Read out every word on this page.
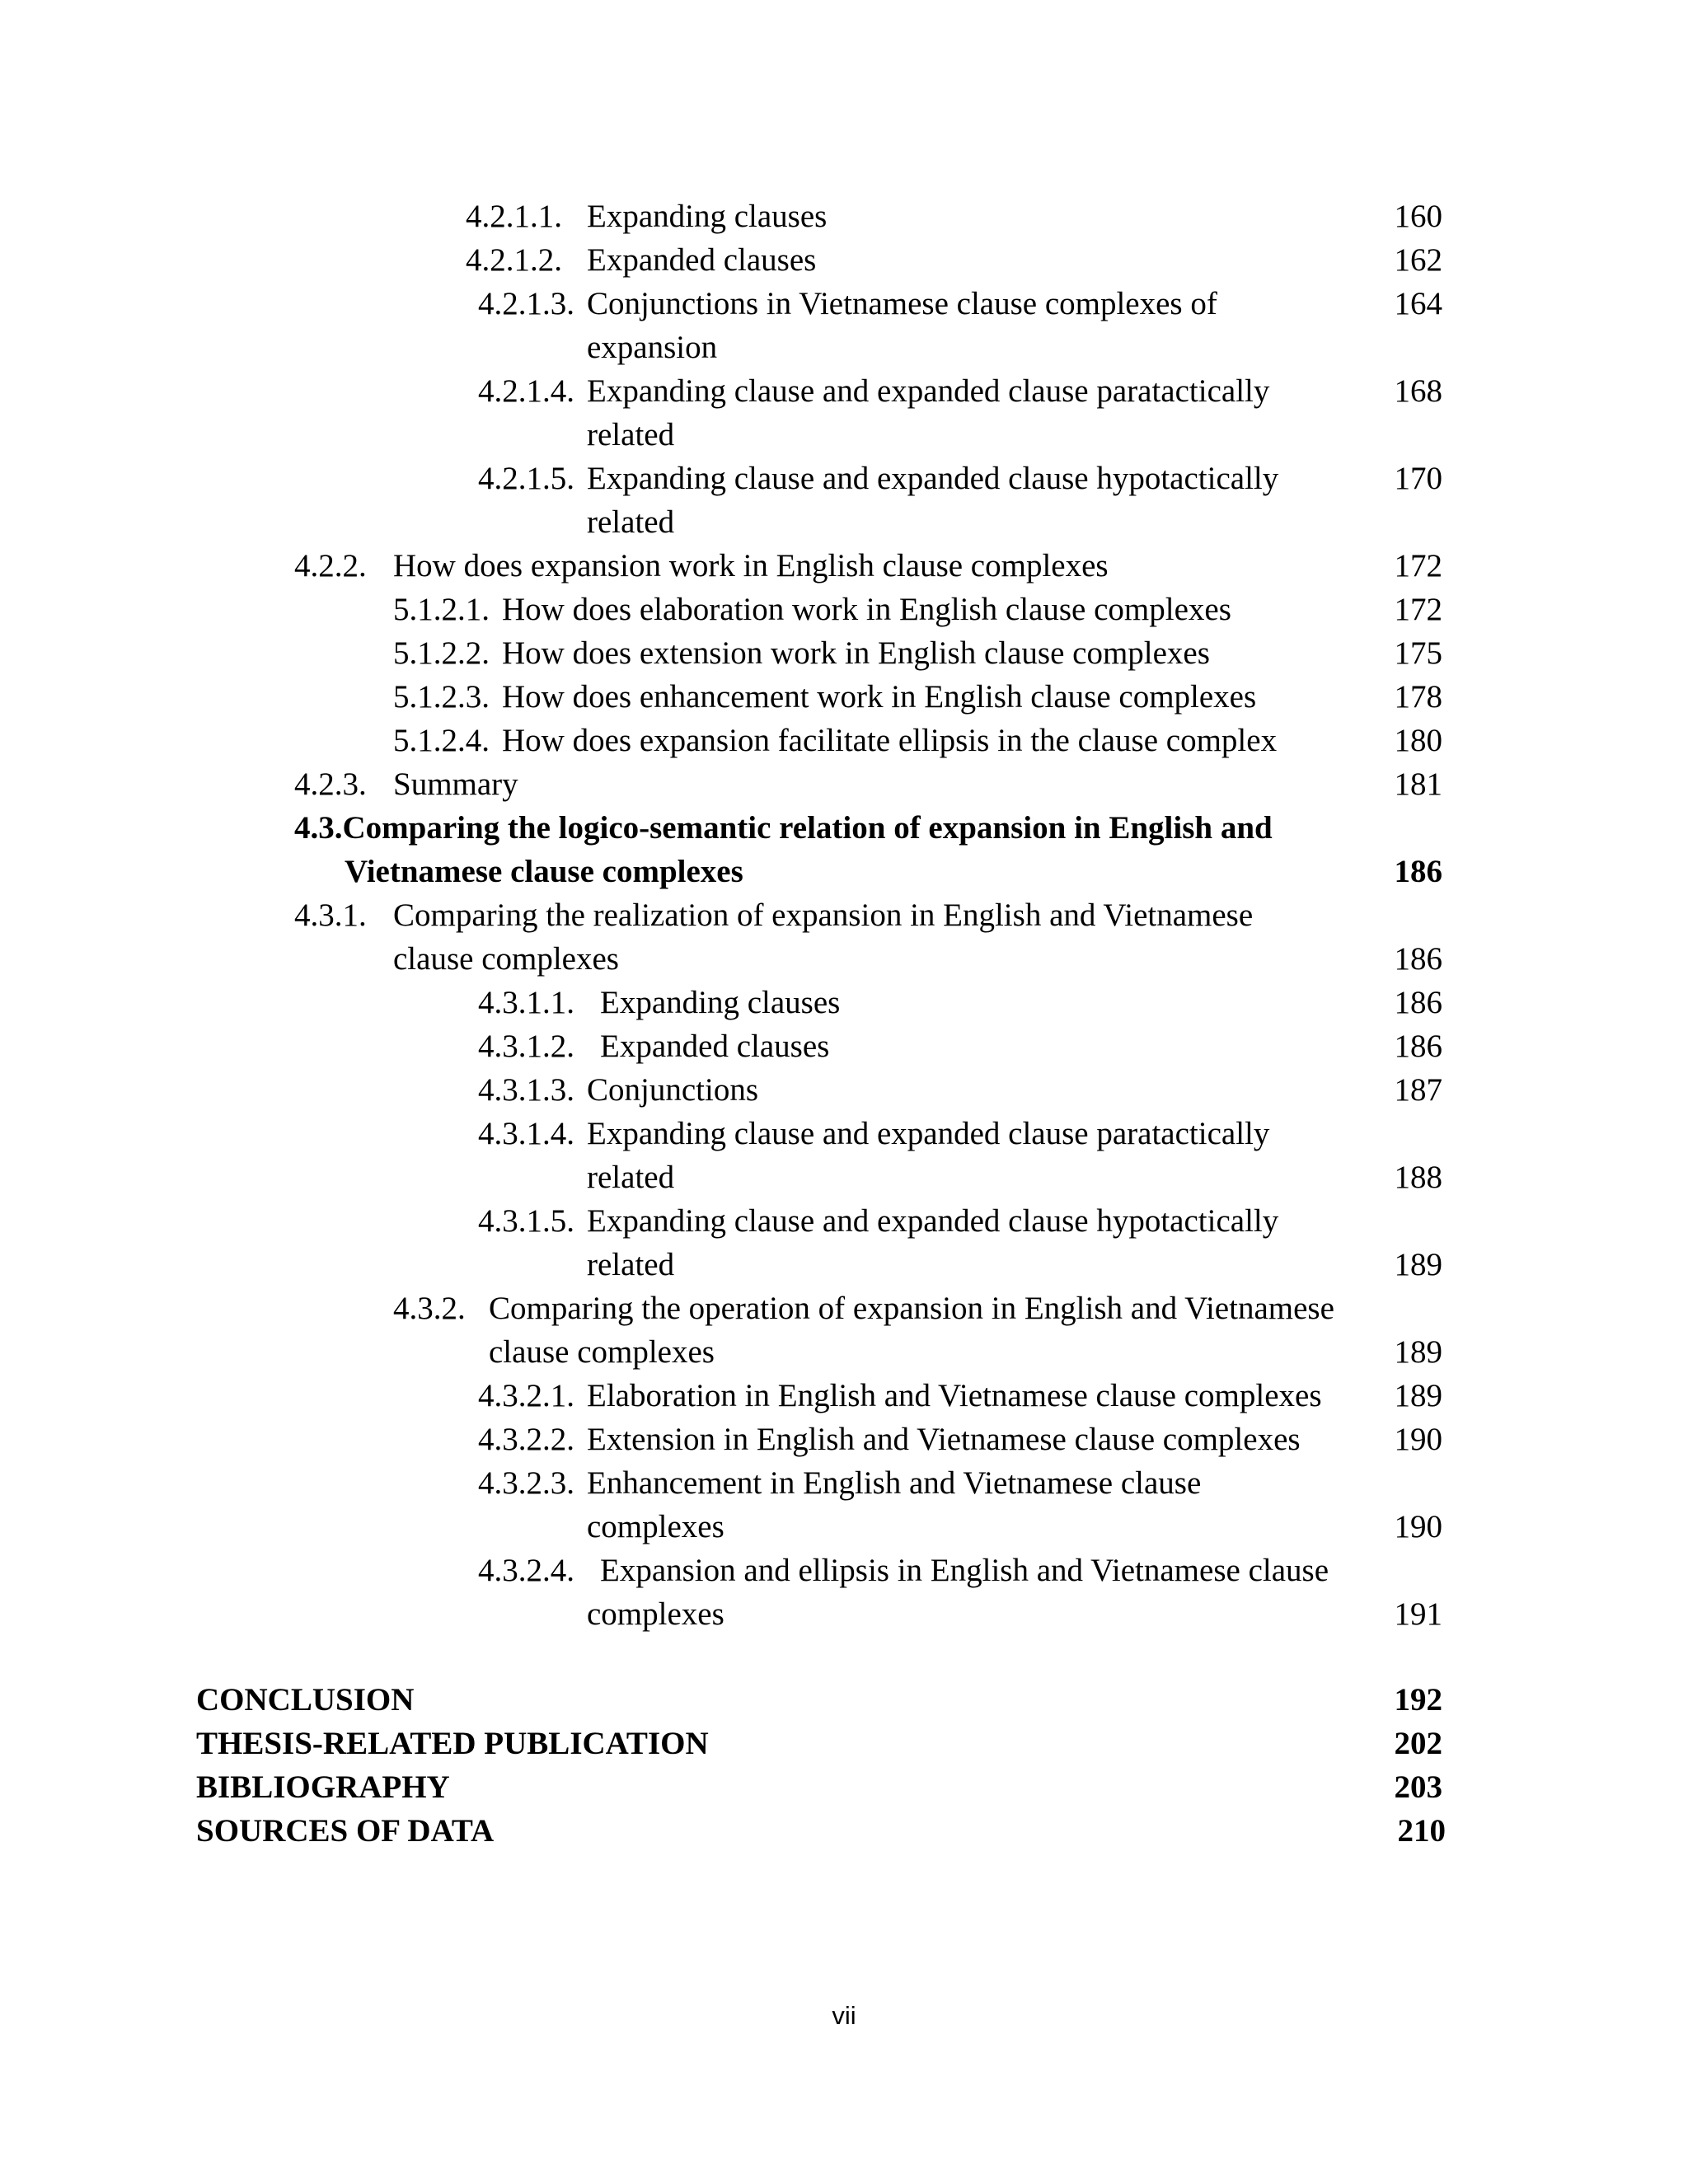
4.2.1.1. Expanding clauses	160
4.2.1.2. Expanded clauses	162
4.2.1.3. Conjunctions in Vietnamese clause complexes of	164
expansion
4.2.1.4. Expanding clause and expanded clause paratactically	168
related
4.2.1.5. Expanding clause and expanded clause hypotactically	170
related
4.2.2. How does expansion work in English clause complexes	172
5.1.2.1. How does elaboration work in English clause complexes	172
5.1.2.2. How does extension work in English clause complexes	175
5.1.2.3. How does enhancement work in English clause complexes	178
5.1.2.4. How does expansion facilitate ellipsis in the clause complex	180
4.2.3. Summary	181
4.3.Comparing the logico-semantic relation of expansion in English and
Vietnamese clause complexes	186
4.3.1. Comparing the realization of expansion in English and Vietnamese
clause complexes	186
4.3.1.1. Expanding clauses	186
4.3.1.2. Expanded clauses	186
4.3.1.3. Conjunctions	187
4.3.1.4. Expanding clause and expanded clause paratactically
related	188
4.3.1.5. Expanding clause and expanded clause hypotactically
related	189
4.3.2. Comparing the operation of expansion in English and Vietnamese
clause complexes	189
4.3.2.1. Elaboration in English and Vietnamese clause complexes 189
4.3.2.2. Extension in English and Vietnamese clause complexes	190
4.3.2.3. Enhancement in English and Vietnamese clause
complexes	190
4.3.2.4. Expansion and ellipsis in English and Vietnamese clause
complexes	191
CONCLUSION	192
THESIS-RELATED PUBLICATION	202
BIBLIOGRAPHY	203
SOURCES OF DATA	210
vii
